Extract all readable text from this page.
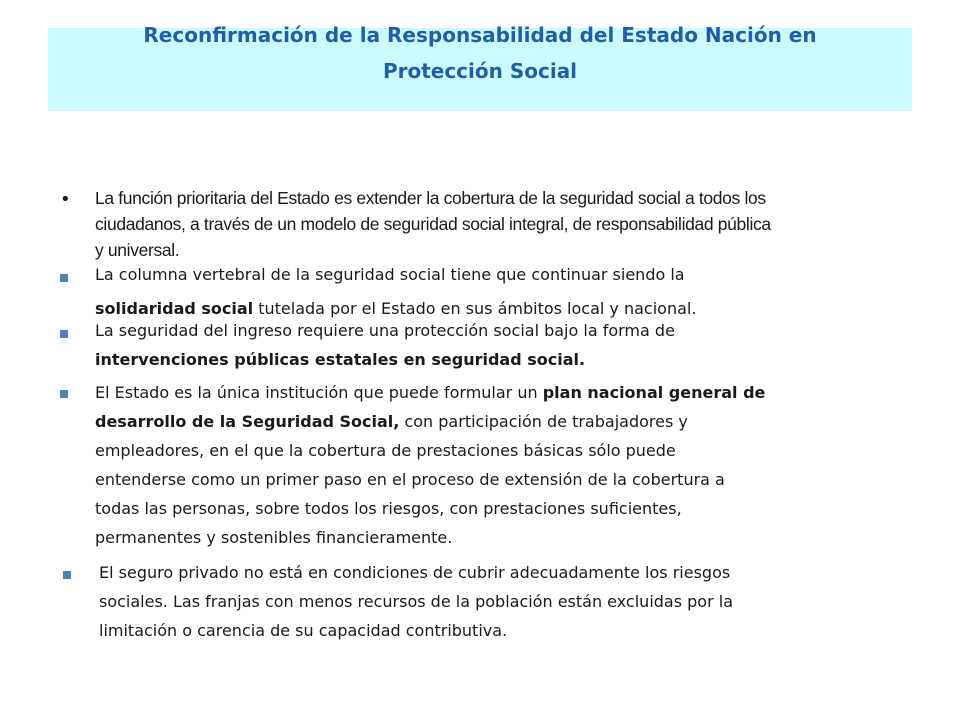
Reconfirmación de la Responsabilidad del Estado Nación en
Protección Social
• La función prioritaria del Estado es extender la cobertura de la seguridad social a todos los
ciudadanos, a través de un modelo de seguridad social integral, de responsabilidad pública
y universal.
La columna vertebral de la seguridad social tiene que continuar siendo la
solidaridad social tutelada por el Estado en sus ámbitos local y nacional.
La seguridad del ingreso requiere una protección social bajo la forma de
intervenciones públicas estatales en seguridad social.
El Estado es la única institución que puede formular un plan nacional general de
desarrollo de la Seguridad Social, con participación de trabajadores y
empleadores, en el que la cobertura de prestaciones básicas sólo puede
entenderse como un primer paso en el proceso de extensión de la cobertura a
todas las personas, sobre todos los riesgos, con prestaciones suficientes,
permanentes y sostenibles financieramente.
El seguro privado no está en condiciones de cubrir adecuadamente los riesgos
sociales. Las franjas con menos recursos de la población están excluidas por la
limitación o carencia de su capacidad contributiva.
